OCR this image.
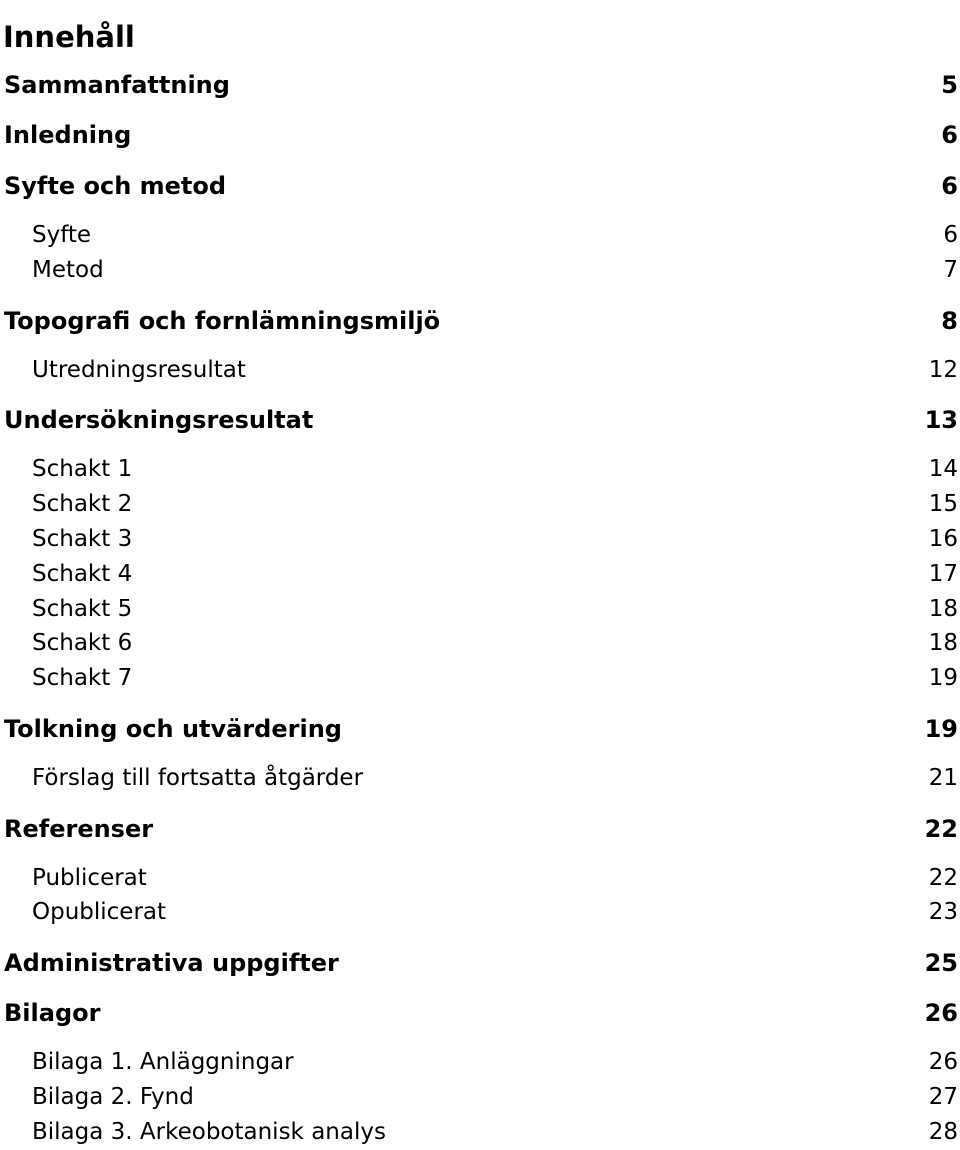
Innehåll
Sammanfattning	5
Inledning	6
Syfte och metod	6
Syfte	6
Metod	7
Topografi och fornlämningsmiljö	8
Utredningsresultat	12
Undersökningsresultat	13
Schakt 1	14
Schakt 2	15
Schakt 3	16
Schakt 4	17
Schakt 5	18
Schakt 6	18
Schakt 7	19
Tolkning och utvärdering	19
Förslag till fortsatta åtgärder	21
Referenser	22
Publicerat	22
Opublicerat	23
Administrativa uppgifter	25
Bilagor	26
Bilaga 1. Anläggningar	26
Bilaga 2. Fynd	27
Bilaga 3. Arkeobotanisk analys	28
